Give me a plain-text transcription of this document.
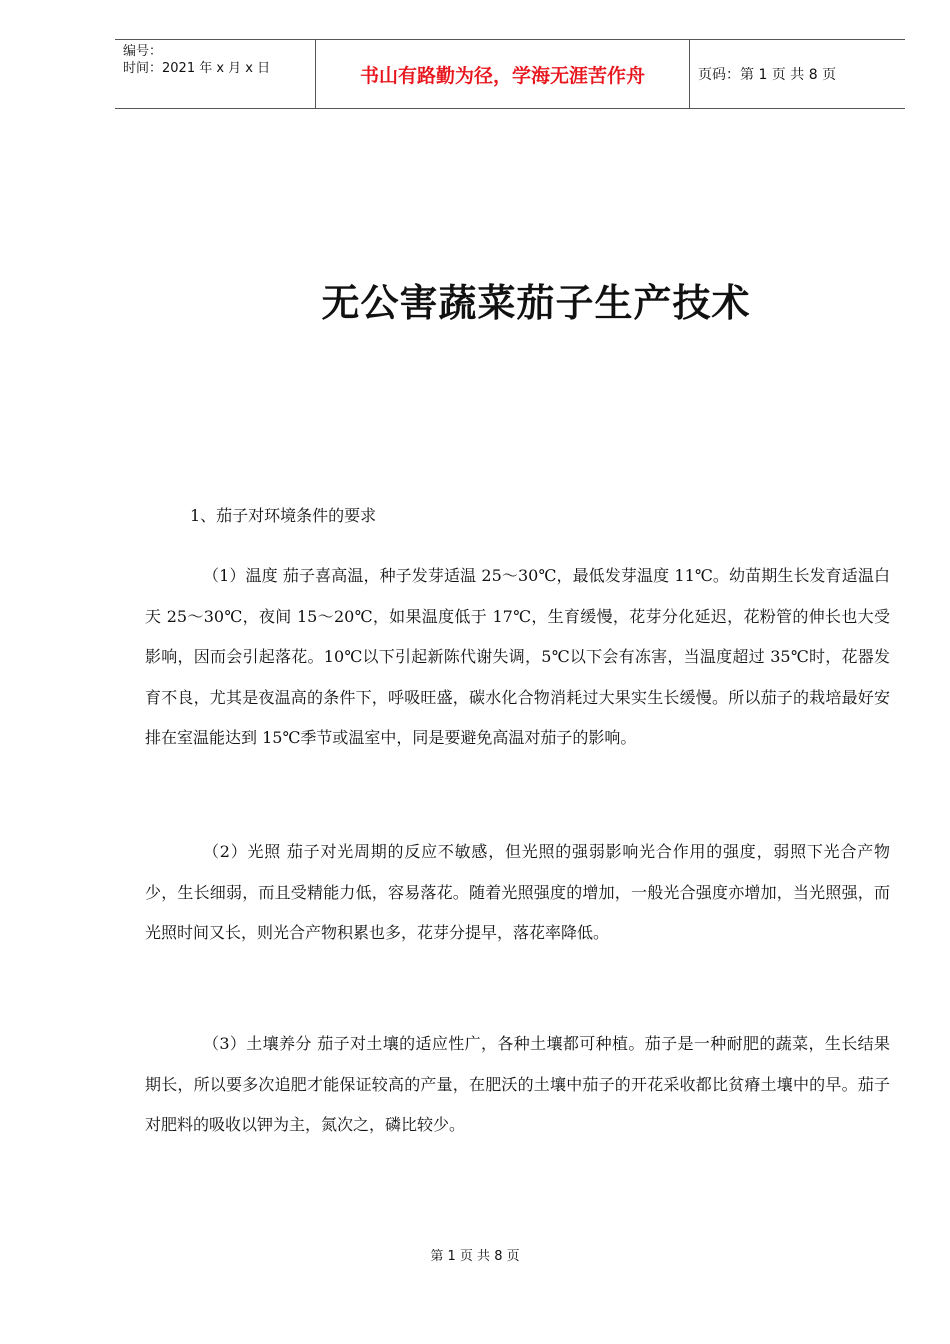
编号：
时间：2021 年 x 月 x 日	书山有路勤为径，学海无涯苦作舟	页码：第 1 页 共 8 页
无公害蔬菜茄子生产技术
1、茄子对环境条件的要求

（1）温度 茄子喜高温，种子发芽适温 25～30℃，最低发芽温度 11℃。幼苗期生长发育适温白天 25～30℃，夜间 15～20℃，如果温度低于 17℃，生育缓慢，花芽分化延迟，花粉管的伸长也大受影响，因而会引起落花。10℃以下引起新陈代谢失调，5℃以下会有冻害，当温度超过 35℃时，花器发育不良，尤其是夜温高的条件下，呼吸旺盛，碳水化合物消耗过大果实生长缓慢。所以茄子的栽培最好安排在室温能达到 15℃季节或温室中，同是要避免高温对茄子的影响。

（2）光照 茄子对光周期的反应不敏感，但光照的强弱影响光合作用的强度，弱照下光合产物少，生长细弱，而且受精能力低，容易落花。随着光照强度的增加，一般光合强度亦增加，当光照强，而光照时间又长，则光合产物积累也多，花芽分提早，落花率降低。

（3）土壤养分 茄子对土壤的适应性广，各种土壤都可种植。茄子是一种耐肥的蔬菜，生长结果期长，所以要多次追肥才能保证较高的产量，在肥沃的土壤中茄子的开花采收都比贫瘠土壤中的早。茄子对肥料的吸收以钾为主，氮次之，磷比较少。

第 1 页 共 8 页
